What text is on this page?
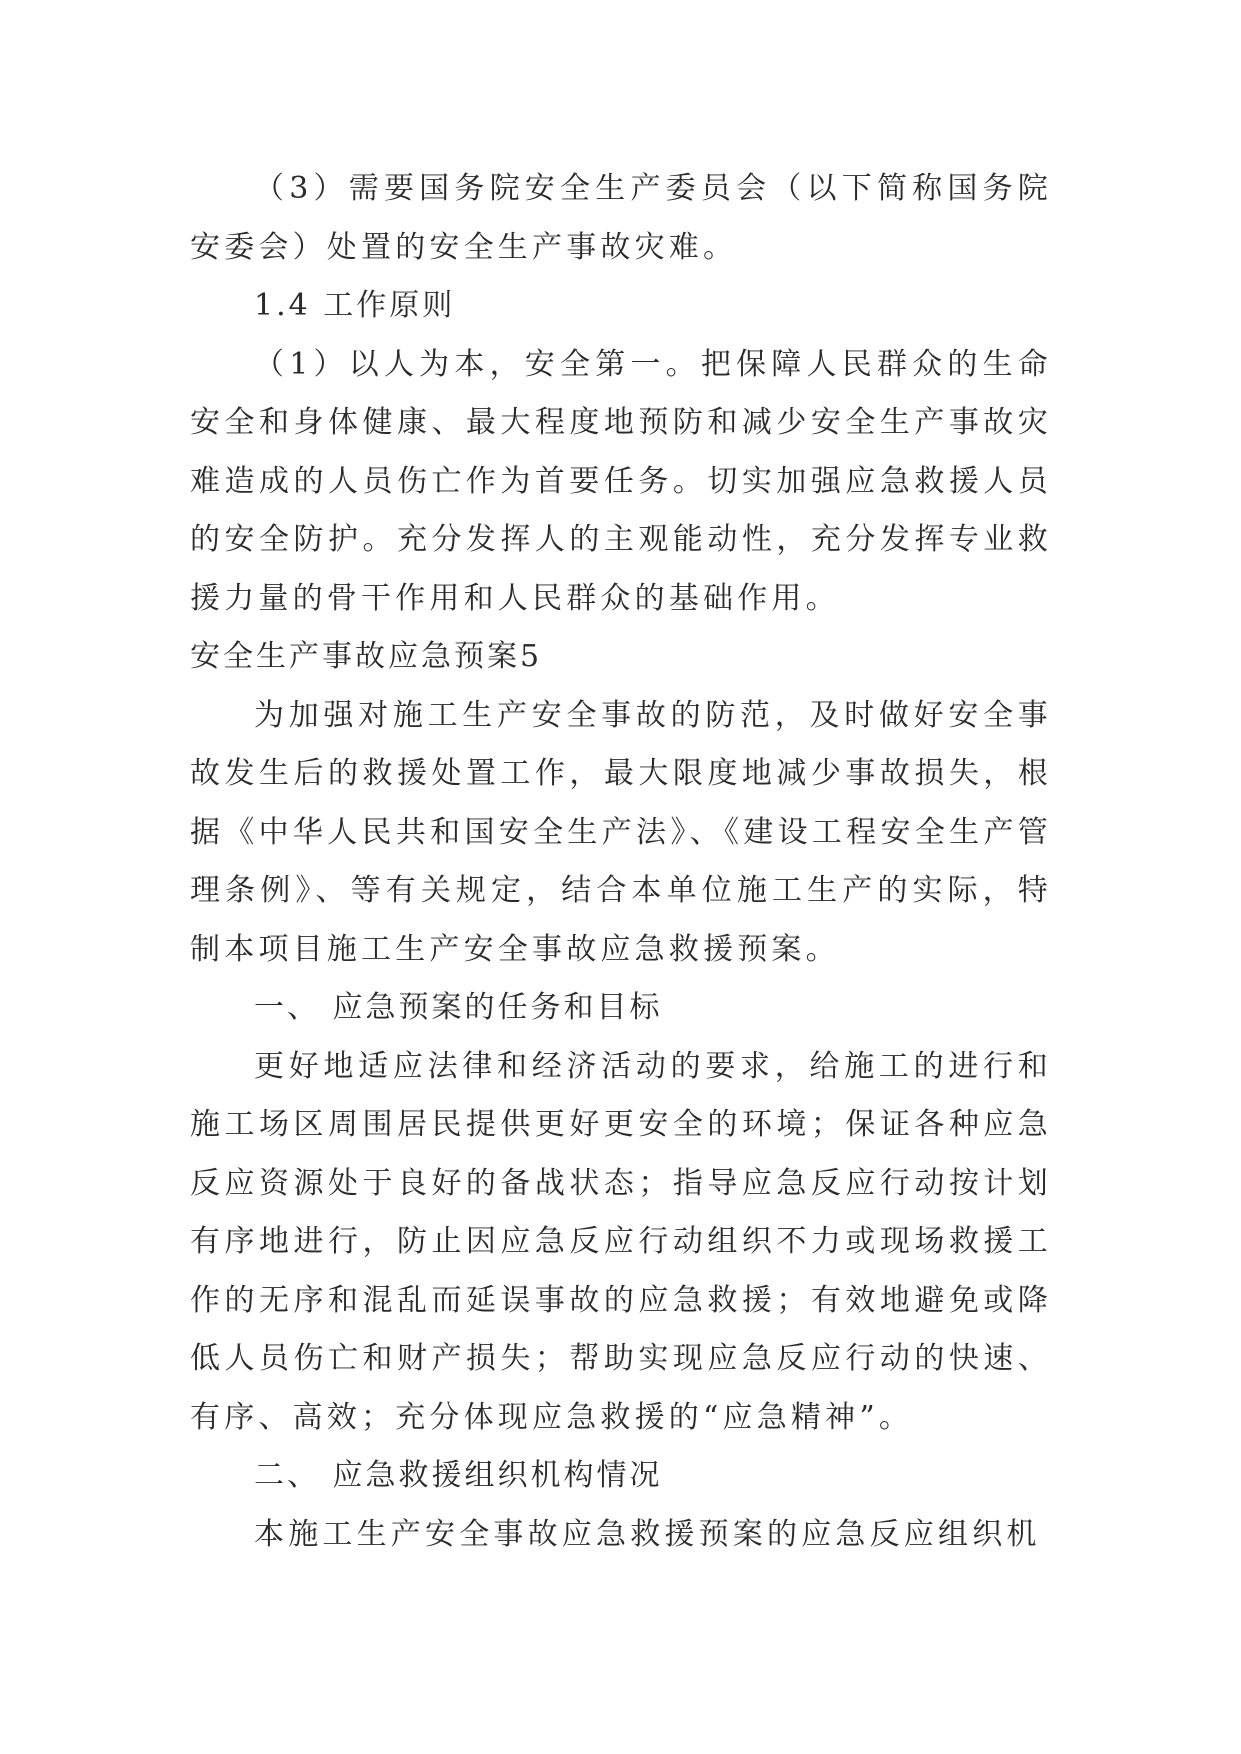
（3）需要国务院安全生产委员会（以下简称国务院安委会）处置的安全生产事故灾难。

1.4 工作原则

（1）以人为本，安全第一。把保障人民群众的生命安全和身体健康、最大程度地预防和减少安全生产事故灾难造成的人员伤亡作为首要任务。切实加强应急救援人员的安全防护。充分发挥人的主观能动性，充分发挥专业救援力量的骨干作用和人民群众的基础作用。

安全生产事故应急预案5

为加强对施工生产安全事故的防范，及时做好安全事故发生后的救援处置工作，最大限度地减少事故损失，根据《中华人民共和国安全生产法》、《建设工程安全生产管理条例》、等有关规定，结合本单位施工生产的实际，特制本项目施工生产安全事故应急救援预案。

一、 应急预案的任务和目标

更好地适应法律和经济活动的要求，给施工的进行和施工场区周围居民提供更好更安全的环境；保证各种应急反应资源处于良好的备战状态；指导应急反应行动按计划有序地进行，防止因应急反应行动组织不力或现场救援工作的无序和混乱而延误事故的应急救援；有效地避免或降低人员伤亡和财产损失；帮助实现应急反应行动的快速、有序、高效；充分体现应急救援的“应急精神”。

二、 应急救援组织机构情况

本施工生产安全事故应急救援预案的应急反应组织机
